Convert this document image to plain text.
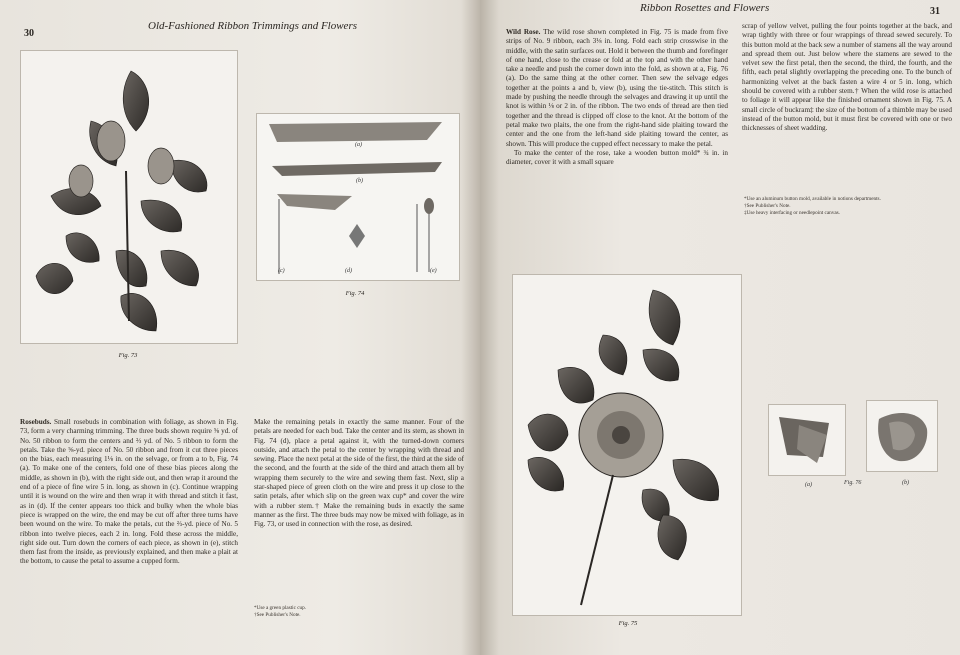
30
Old-Fashioned Ribbon Trimmings and Flowers
Fig. 73
(a)
(b)
(c)	(d)	(e)
Fig. 74
Rosebuds. Small rosebuds in combination with foliage, as shown in Fig. 73, form a very charming trimming. The three buds shown require ⅝ yd. of No. 50 ribbon to form the centers and ⅔ yd. of No. 5 ribbon to form the petals. Take the ⅝-yd. piece of No. 50 ribbon and from it cut three pieces on the bias, each measuring 1⅛ in. on the selvage, or from a to b, Fig. 74 (a). To make one of the centers, fold one of these bias pieces along the middle, as shown in (b), with the right side out, and then wrap it around the end of a piece of fine wire 5 in. long, as shown in (c). Continue wrapping until it is wound on the wire and then wrap it with thread and stitch it fast, as in (d). If the center appears too thick and bulky when the whole bias piece is wrapped on the wire, the end may be cut off after three turns have been wound on the wire. To make the petals, cut the ⅔-yd. piece of No. 5 ribbon into twelve pieces, each 2 in. long. Fold these across the middle, right side out. Turn down the corners of each piece, as shown in (e), stitch them fast from the inside, as previously explained, and then make a plait at the bottom, to cause the petal to assume a cupped form.
Make the remaining petals in exactly the same manner. Four of the petals are needed for each bud. Take the center and its stem, as shown in Fig. 74 (d), place a petal against it, with the turned-down corners outside, and attach the petal to the center by wrapping with thread and sewing. Place the next petal at the side of the first, the third at the side of the second, and the fourth at the side of the third and attach them all by wrapping them securely to the wire and sewing them fast. Next, slip a star-shaped piece of green cloth on the wire and press it up close to the satin petals, after which slip on the green wax cup* and cover the wire with a rubber stem.† Make the remaining buds in exactly the same manner as the first. The three buds may now be mixed with foliage, as in Fig. 73, or used in connection with the rose, as desired.
*Use a green plastic cup.
†See Publisher's Note.
Ribbon Rosettes and Flowers	31
Wild Rose. The wild rose shown completed in Fig. 75 is made from five strips of No. 9 ribbon, each 3⅛ in. long. Fold each strip crosswise in the middle, with the satin surfaces out. Hold it between the thumb and forefinger of one hand, close to the crease or fold at the top and with the other hand take a needle and push the corner down into the fold, as shown at a, Fig. 76 (a). Do the same thing at the other corner. Then sew the selvage edges together at the points a and b, view (b), using the tie-stitch. This stitch is made by pushing the needle through the selvages and drawing it up until the knot is within ⅛ or 2 in. of the ribbon. The two ends of thread are then tied together and the thread is clipped off close to the knot. At the bottom of the petal make two plaits, the one from the right-hand side plaiting toward the center and the one from the left-hand side plaiting toward the center, as shown. This will produce the cupped effect necessary to make the petal.
To make the center of the rose, take a wooden button mold* ¾ in. in diameter, cover it with a small square
scrap of yellow velvet, pulling the four points together at the back, and wrap tightly with three or four wrappings of thread sewed securely. To this button mold at the back sew a number of stamens all the way around and spread them out. Just below where the stamens are sewed to the velvet sew the first petal, then the second, the third, the fourth, and the fifth, each petal slightly overlapping the preceding one. To the bunch of harmonizing velvet at the back fasten a wire 4 or 5 in. long, which should be covered with a rubber stem.† When the wild rose is attached to foliage it will appear like the finished ornament shown in Fig. 75. A small circle of buckram‡ the size of the bottom of a thimble may be used instead of the button mold, but it must first be covered with one or two thicknesses of sheet wadding.
*Use an aluminum button mold, available in notions departments.
†See Publisher's Note.
‡Use heavy interfacing or needlepoint canvas.
Fig. 75
(a)	Fig. 76	(b)
